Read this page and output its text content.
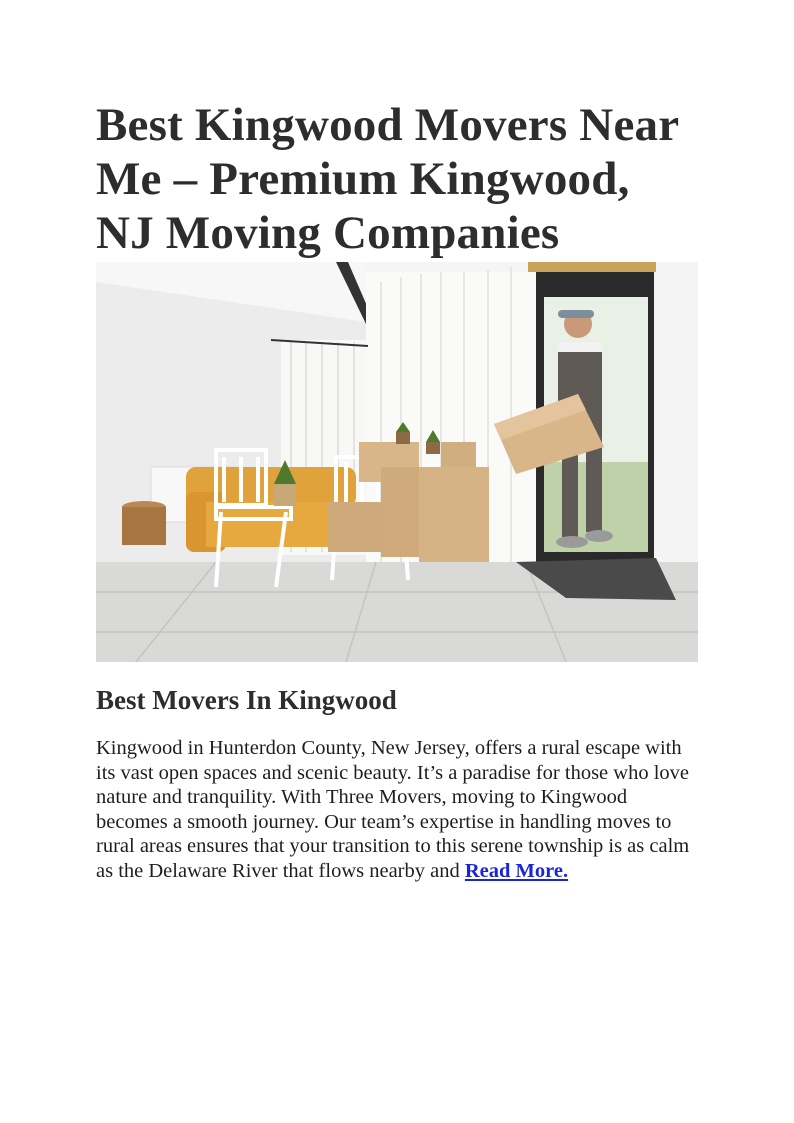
Best Kingwood Movers Near Me – Premium Kingwood, NJ Moving Companies
Best Movers In Kingwood

Kingwood in Hunterdon County, New Jersey, offers a rural escape with its vast open spaces and scenic beauty. It’s a paradise for those who love nature and tranquility. With Three Movers, moving to Kingwood becomes a smooth journey. Our team’s expertise in handling moves to rural areas ensures that your transition to this serene township is as calm as the Delaware River that flows nearby and Read More.
